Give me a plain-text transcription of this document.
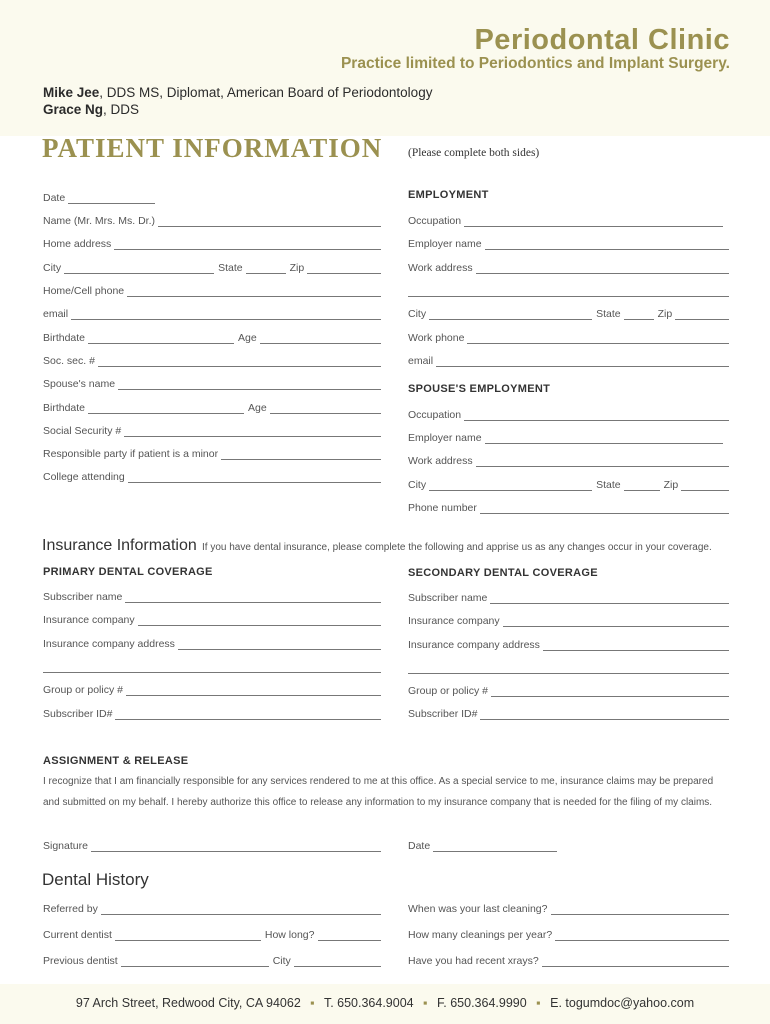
Periodontal Clinic
Practice limited to Periodontics and Implant Surgery.
Mike Jee, DDS MS, Diplomat, American Board of Periodontology
Grace Ng, DDS
PATIENT INFORMATION (Please complete both sides)
Date
Name (Mr. Mrs. Ms. Dr.)
Home address
City	State	Zip
Home/Cell phone
email
Birthdate	Age
Soc. sec. #
Spouse's name
Birthdate	Age
Social Security #
Responsible party if patient is a minor
College attending
EMPLOYMENT
Occupation
Employer name
Work address
City	State	Zip
Work phone
email
SPOUSE'S EMPLOYMENT
Occupation
Employer name
Work address
City	State	Zip
Phone number
Insurance Information If you have dental insurance, please complete the following and apprise us as any changes occur in your coverage.
PRIMARY DENTAL COVERAGE	SECONDARY DENTAL COVERAGE
Subscriber name
Insurance company
Insurance company address
Group or policy #
Subscriber ID#
Subscriber name
Insurance company
Insurance company address
Group or policy #
Subscriber ID#
ASSIGNMENT & RELEASE
I recognize that I am financially responsible for any services rendered to me at this office. As a special service to me, insurance claims may be prepared
and submitted on my behalf. I hereby authorize this office to release any information to my insurance company that is needed for the filing of my claims.
Signature	Date
Dental History
Referred by
Current dentist	How long?
Previous dentist	City
When was your last cleaning?
How many cleanings per year?
Have you had recent xrays?
97 Arch Street, Redwood City, CA 94062 ▪ T. 650.364.9004 ▪ F. 650.364.9990 ▪ E. togumdoc@yahoo.com
